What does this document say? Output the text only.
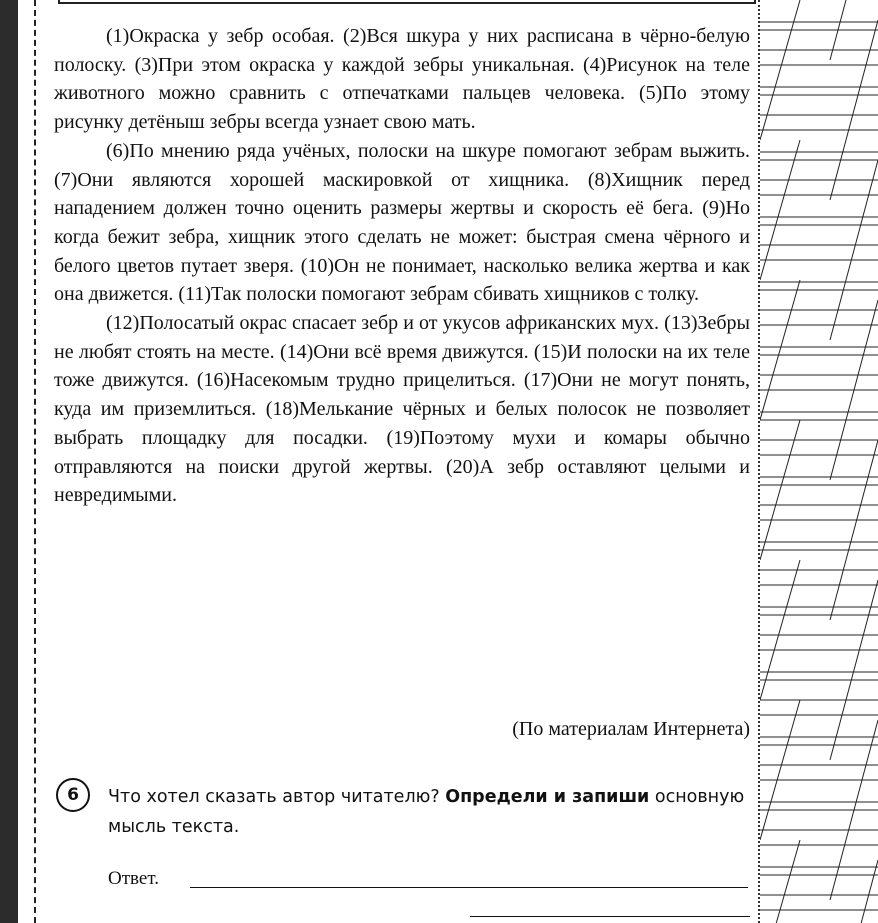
(1)Окраска у зебр особая. (2)Вся шкура у них расписана в чёрно-белую полоску. (3)При этом окраска у каждой зебры уникальная. (4)Рисунок на теле животного можно сравнить с отпечатками пальцев человека. (5)По этому рисунку детёныш зебры всегда узнает свою мать.

(6)По мнению ряда учёных, полоски на шкуре помогают зебрам выжить. (7)Они являются хорошей маскировкой от хищника. (8)Хищник перед нападением должен точно оценить размеры жертвы и скорость её бега. (9)Но когда бежит зебра, хищник этого сделать не может: быстрая смена чёрного и белого цветов путает зверя. (10)Он не понимает, насколько велика жертва и как она движется. (11)Так полоски помогают зебрам сбивать хищников с толку.

(12)Полосатый окрас спасает зебр и от укусов африканских мух. (13)Зебры не любят стоять на месте. (14)Они всё время движутся. (15)И полоски на их теле тоже движутся. (16)Насекомым трудно прицелиться. (17)Они не могут понять, куда им приземлиться. (18)Мелькание чёрных и белых полосок не позволяет выбрать площадку для посадки. (19)Поэтому мухи и комары обычно отправляются на поиски другой жертвы. (20)А зебр оставляют целыми и невредимыми.

(По материалам Интернета)
6	Что хотел сказать автор читателю? Определи и запиши основную мысль текста.
Ответ.
